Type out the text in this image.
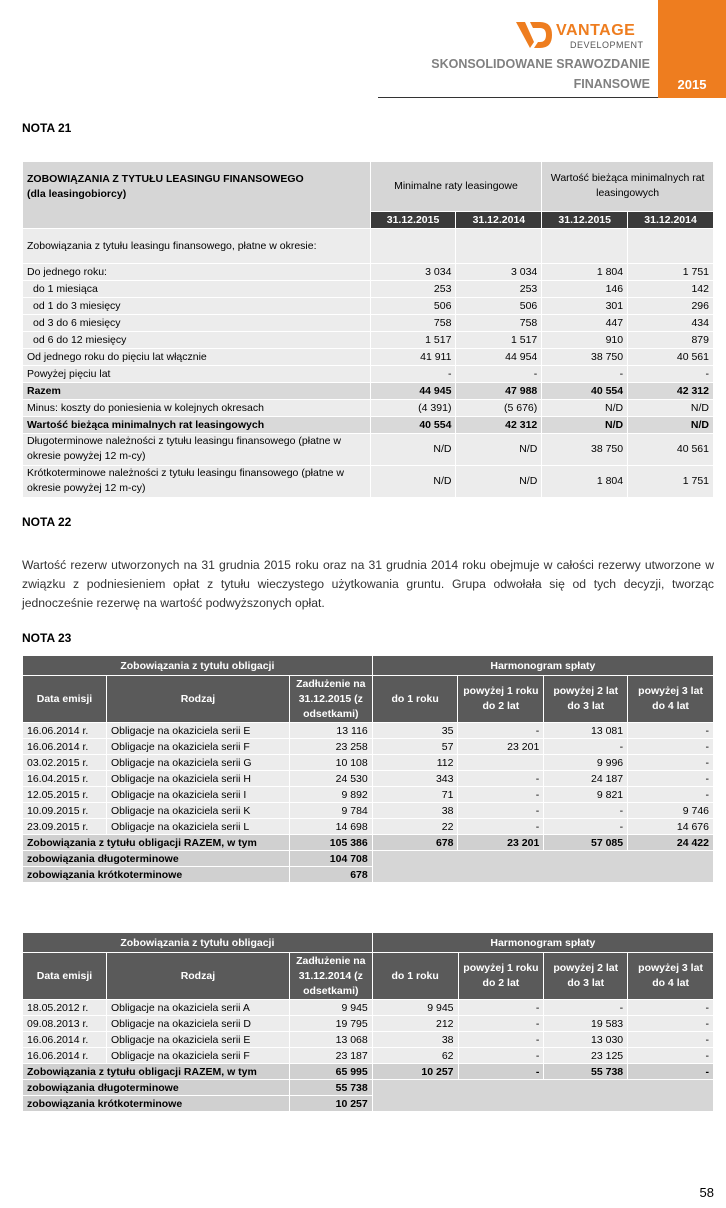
VANTAGE
DEVELOPMENT
SKONSOLIDOWANE SRAWOZDANIE
FINANSOWE	2015
NOTA 21
ZOBOWIĄZANIA Z TYTUŁU LEASINGU FINANSOWEGO
(dla leasingobiorcy)	Minimalne raty leasingowe		Wartość bieżąca minimalnych rat leasingowych	
	31.12.2015	31.12.2014	31.12.2015	31.12.2014
Zobowiązania z tytułu leasingu finansowego, płatne w okresie:				
Do jednego roku:	3 034	3 034	1 804	1 751
do 1 miesiąca	253	253	146	142
od 1 do 3 miesięcy	506	506	301	296
od 3 do 6 miesięcy	758	758	447	434
od 6 do 12 miesięcy	1 517	1 517	910	879
Od jednego roku do pięciu lat włącznie	41 911	44 954	38 750	40 561
Powyżej pięciu lat	-	-	-	-
Razem	44 945	47 988	40 554	42 312
Minus: koszty do poniesienia w kolejnych okresach	(4 391)	(5 676)	N/D	N/D
Wartość bieżąca minimalnych rat leasingowych	40 554	42 312	N/D	N/D
Długoterminowe należności z tytułu leasingu finansowego (płatne w okresie powyżej 12 m-cy)	N/D	N/D	38 750	40 561
Krótkoterminowe należności z tytułu leasingu finansowego (płatne w okresie powyżej 12 m-cy)	N/D	N/D	1 804	1 751
NOTA 22
Wartość rezerw utworzonych na 31 grudnia 2015 roku oraz na 31 grudnia 2014 roku obejmuje w całości rezerwy utworzone w związku z podniesieniem opłat z tytułu wieczystego użytkowania gruntu. Grupa odwołała się od tych decyzji, tworząc jednocześnie rezerwę na wartość podwyższonych opłat.
NOTA 23
Zobowiązania z tytułu obligacji			Harmonogram spłaty			
Data emisji	Rodzaj	Zadłużenie na 31.12.2015 (z odsetkami)	do 1 roku	powyżej 1 roku do 2 lat	powyżej 2 lat do 3 lat	powyżej 3 lat do 4 lat
16.06.2014 r.	Obligacje na okaziciela serii E	13 116	35	-	13 081	-
16.06.2014 r.	Obligacje na okaziciela serii F	23 258	57	23 201	-	-
03.02.2015 r.	Obligacje na okaziciela serii G	10 108	112		9 996	-
16.04.2015 r.	Obligacje na okaziciela serii H	24 530	343	-	24 187	-
12.05.2015 r.	Obligacje na okaziciela serii I	9 892	71	-	9 821	-
10.09.2015 r.	Obligacje na okaziciela serii K	9 784	38	-	-	9 746
23.09.2015 r.	Obligacje na okaziciela serii L	14 698	22	-	-	14 676
Zobowiązania z tytułu obligacji RAZEM, w tym		105 386	678	23 201	57 085	24 422
zobowiązania długoterminowe		104 708				
zobowiązania krótkoterminowe		678				
Zobowiązania z tytułu obligacji			Harmonogram spłaty			
Data emisji	Rodzaj	Zadłużenie na 31.12.2014 (z odsetkami)	do 1 roku	powyżej 1 roku do 2 lat	powyżej 2 lat do 3 lat	powyżej 3 lat do 4 lat
18.05.2012 r.	Obligacje na okaziciela serii A	9 945	9 945	-	-	-
09.08.2013 r.	Obligacje na okaziciela serii D	19 795	212	-	19 583	-
16.06.2014 r.	Obligacje na okaziciela serii E	13 068	38	-	13 030	-
16.06.2014 r.	Obligacje na okaziciela serii F	23 187	62	-	23 125	-
Zobowiązania z tytułu obligacji RAZEM, w tym		65 995	10 257	-	55 738	-
zobowiązania długoterminowe		55 738				
zobowiązania krótkoterminowe		10 257				
58
